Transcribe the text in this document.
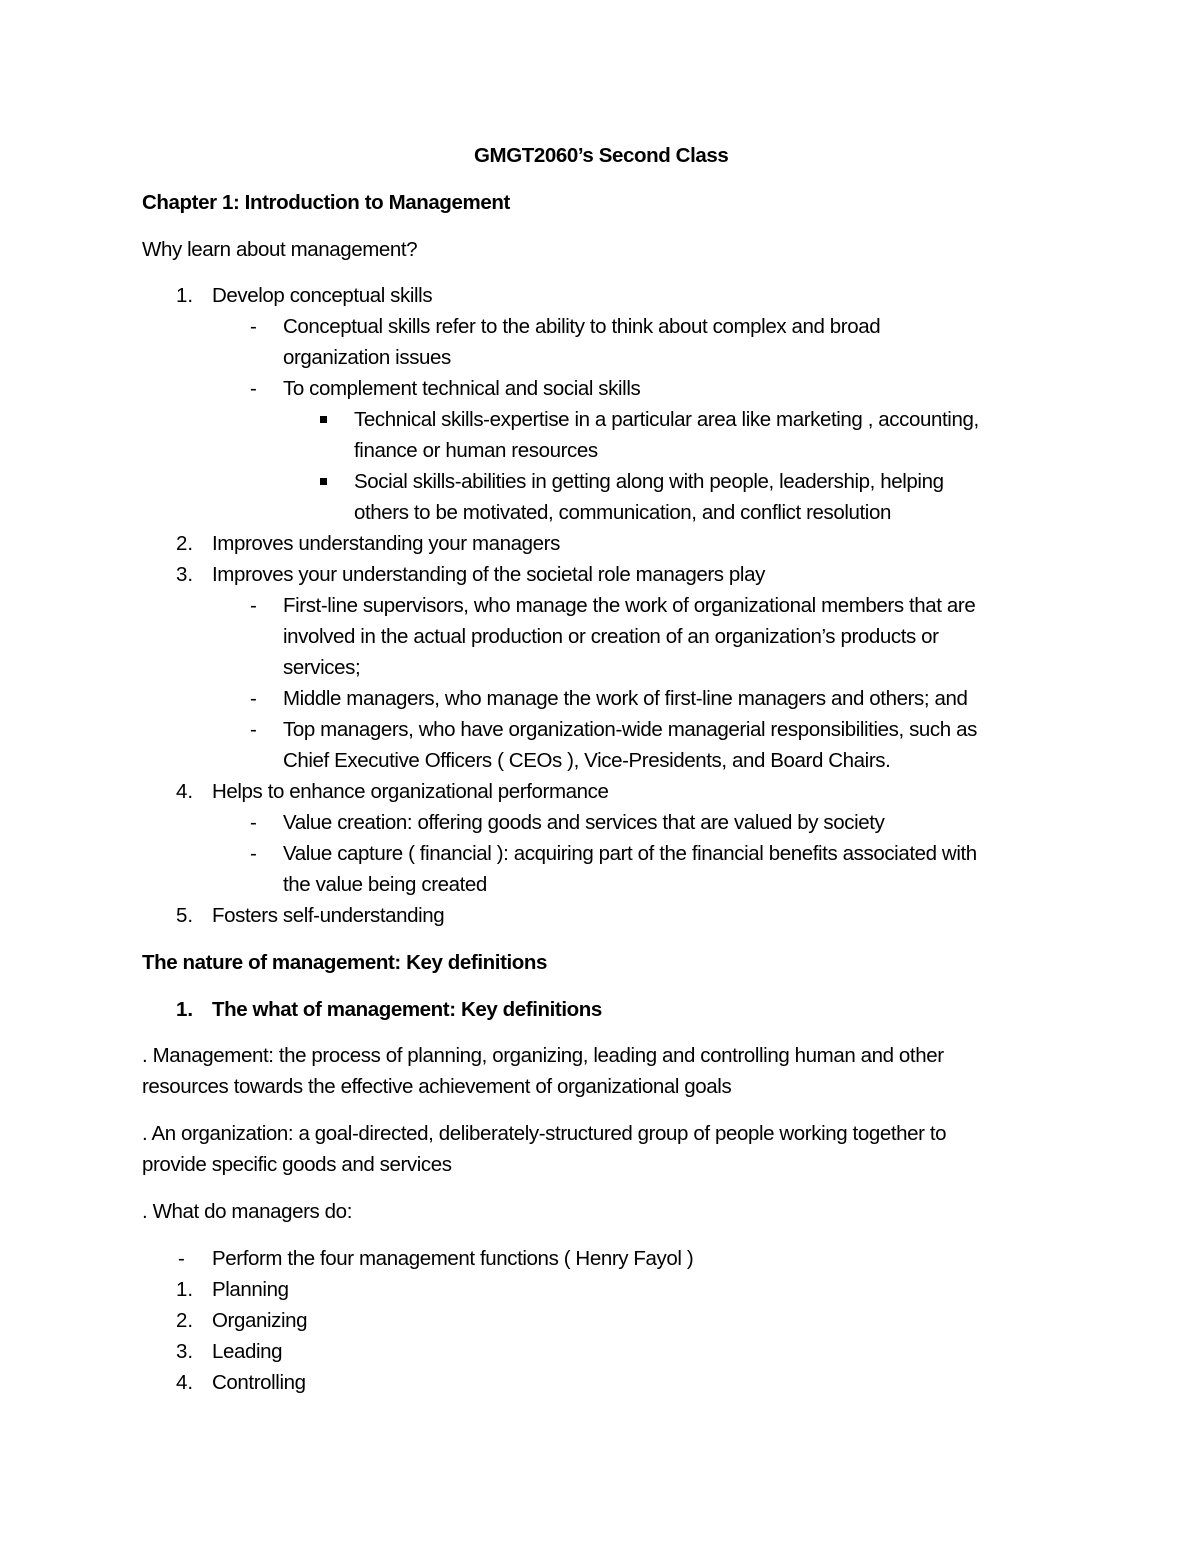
GMGT2060’s Second Class
Chapter 1: Introduction to Management
Why learn about management?
1. Develop conceptual skills
- Conceptual skills refer to the ability to think about complex and broad
organization issues
- To complement technical and social skills
Technical skills-expertise in a particular area like marketing , accounting,
finance or human resources
Social skills-abilities in getting along with people, leadership, helping
others to be motivated, communication, and conflict resolution
2. Improves understanding your managers
3. Improves your understanding of the societal role managers play
- First-line supervisors, who manage the work of organizational members that are
involved in the actual production or creation of an organization’s products or
services;
- Middle managers, who manage the work of first-line managers and others; and
- Top managers, who have organization-wide managerial responsibilities, such as
Chief Executive Officers ( CEOs ), Vice-Presidents, and Board Chairs.
4. Helps to enhance organizational performance
- Value creation: offering goods and services that are valued by society
- Value capture ( financial ): acquiring part of the financial benefits associated with
the value being created
5. Fosters self-understanding
The nature of management: Key definitions
1. The what of management: Key definitions
. Management: the process of planning, organizing, leading and controlling human and other
resources towards the effective achievement of organizational goals
. An organization: a goal-directed, deliberately-structured group of people working together to
provide specific goods and services
. What do managers do:
- Perform the four management functions ( Henry Fayol )
1. Planning
2. Organizing
3. Leading
4. Controlling
